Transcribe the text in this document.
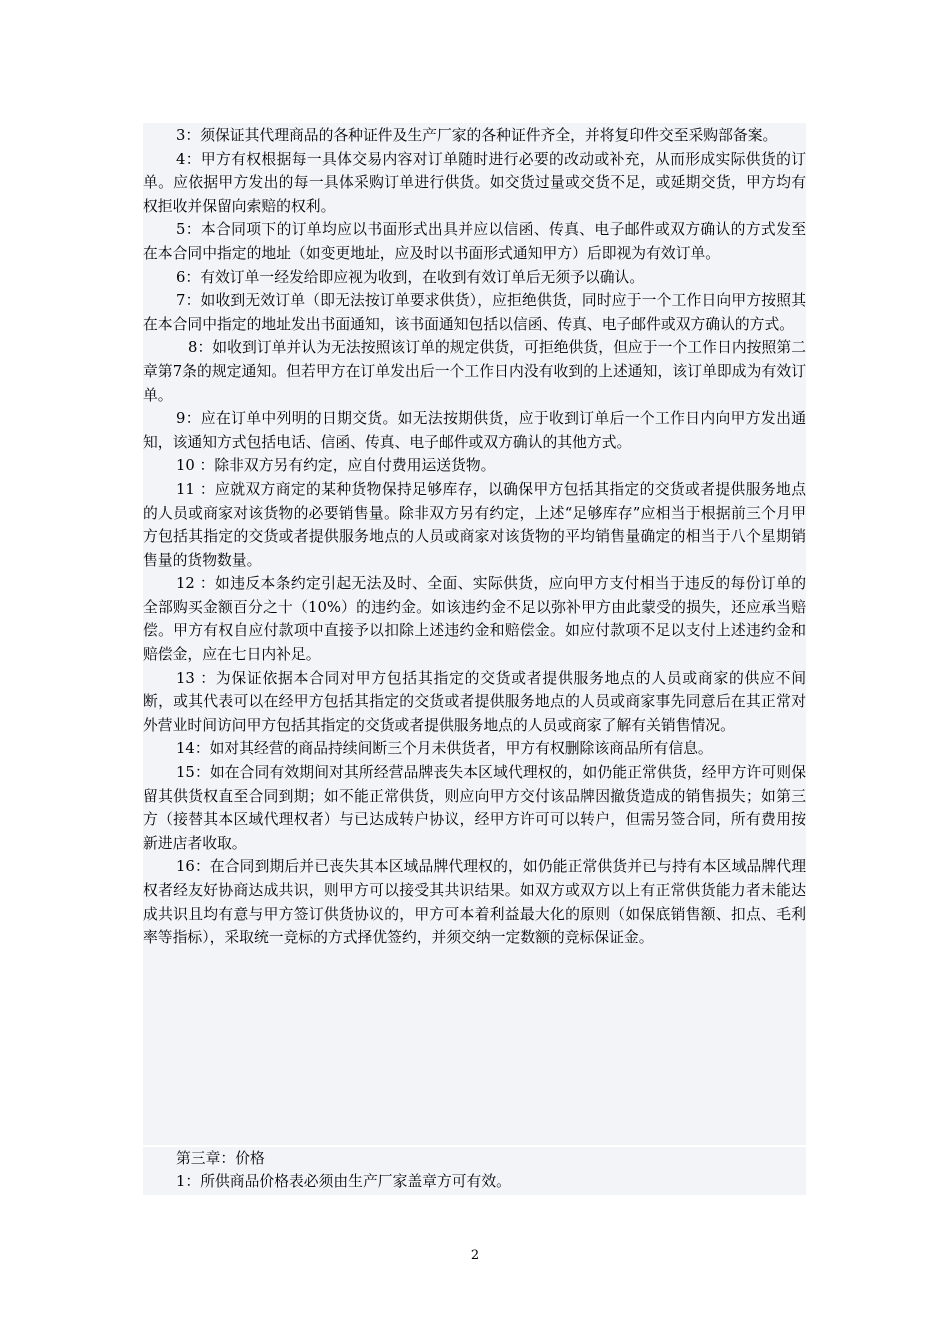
3：须保证其代理商品的各种证件及生产厂家的各种证件齐全，并将复印件交至采购部备案。

4：甲方有权根据每一具体交易内容对订单随时进行必要的改动或补充，从而形成实际供货的订单。应依据甲方发出的每一具体采购订单进行供货。如交货过量或交货不足，或延期交货，甲方均有权拒收并保留向索赔的权利。

5：本合同项下的订单均应以书面形式出具并应以信函、传真、电子邮件或双方确认的方式发至在本合同中指定的地址（如变更地址，应及时以书面形式通知甲方）后即视为有效订单。

6：有效订单一经发给即应视为收到，在收到有效订单后无须予以确认。

7：如收到无效订单（即无法按订单要求供货），应拒绝供货，同时应于一个工作日向甲方按照其在本合同中指定的地址发出书面通知，该书面通知包括以信函、传真、电子邮件或双方确认的方式。

8：如收到订单并认为无法按照该订单的规定供货，可拒绝供货，但应于一个工作日内按照第二章第7条的规定通知。但若甲方在订单发出后一个工作日内没有收到的上述通知，该订单即成为有效订单。

9：应在订单中列明的日期交货。如无法按期供货，应于收到订单后一个工作日内向甲方发出通知，该通知方式包括电话、信函、传真、电子邮件或双方确认的其他方式。

10 ：除非双方另有约定，应自付费用运送货物。

11 ：应就双方商定的某种货物保持足够库存，以确保甲方包括其指定的交货或者提供服务地点的人员或商家对该货物的必要销售量。除非双方另有约定，上述“足够库存”应相当于根据前三个月甲方包括其指定的交货或者提供服务地点的人员或商家对该货物的平均销售量确定的相当于八个星期销售量的货物数量。

12 ：如违反本条约定引起无法及时、全面、实际供货，应向甲方支付相当于违反的每份订单的全部购买金额百分之十（10%）的违约金。如该违约金不足以弥补甲方由此蒙受的损失，还应承当赔偿。甲方有权自应付款项中直接予以扣除上述违约金和赔偿金。如应付款项不足以支付上述违约金和赔偿金，应在七日内补足。

13 ：为保证依据本合同对甲方包括其指定的交货或者提供服务地点的人员或商家的供应不间断，或其代表可以在经甲方包括其指定的交货或者提供服务地点的人员或商家事先同意后在其正常对外营业时间访问甲方包括其指定的交货或者提供服务地点的人员或商家了解有关销售情况。

14：如对其经营的商品持续间断三个月未供货者，甲方有权删除该商品所有信息。

15：如在合同有效期间对其所经营品牌丧失本区域代理权的，如仍能正常供货，经甲方许可则保留其供货权直至合同到期；如不能正常供货，则应向甲方交付该品牌因撤货造成的销售损失；如第三方（接替其本区域代理权者）与已达成转户协议，经甲方许可可以转户，但需另签合同，所有费用按新进店者收取。

16：在合同到期后并已丧失其本区域品牌代理权的，如仍能正常供货并已与持有本区域品牌代理权者经友好协商达成共识，则甲方可以接受其共识结果。如双方或双方以上有正常供货能力者未能达成共识且均有意与甲方签订供货协议的，甲方可本着利益最大化的原则（如保底销售额、扣点、毛利率等指标），采取统一竞标的方式择优签约，并须交纳一定数额的竞标保证金。

第三章：价格

1：所供商品价格表必须由生产厂家盖章方可有效。

2
